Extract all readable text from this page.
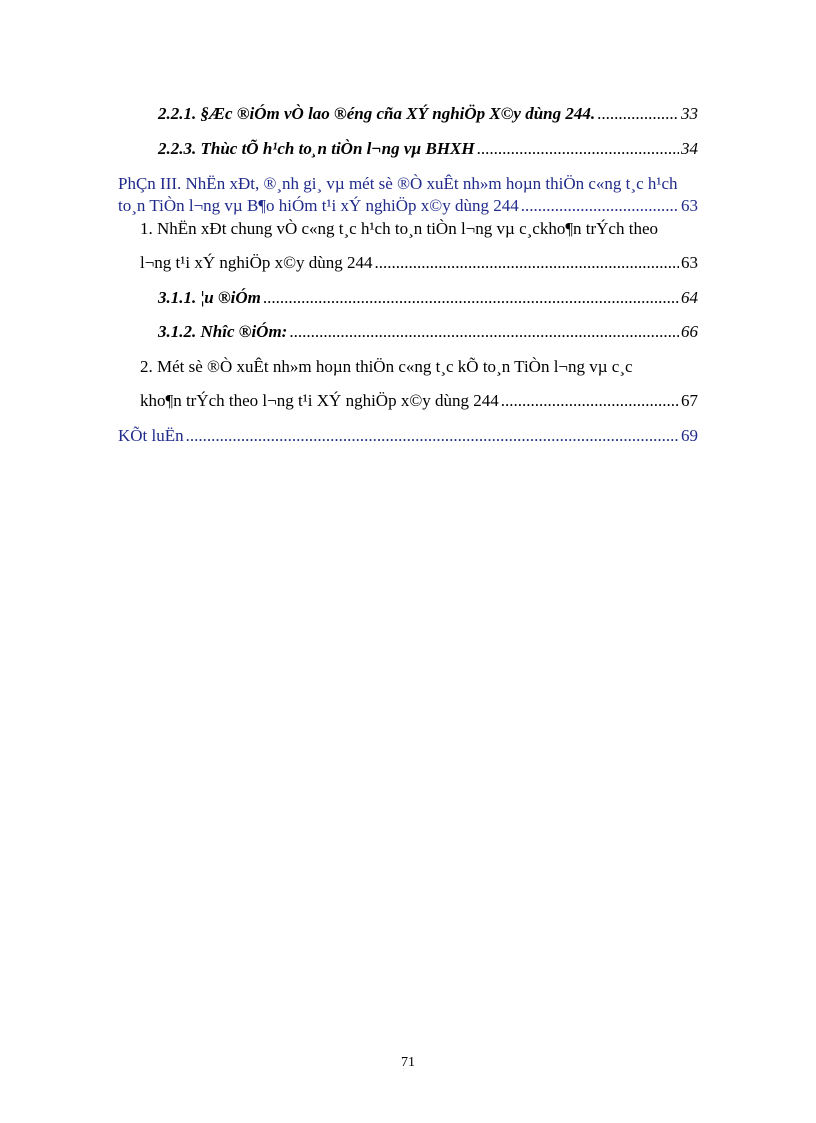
2.2.1. §Æc ®iÓm vÒ lao ®éng cña XÝ nghiÖp X©y dùng 244. .....	33
2.2.3. Thùc tÕ h¹ch to¸n tiÒn l¬ng vµ BHXH .....	34
PhÇn III. NhËn xÐt, ®¸nh gi¸ vµ mét sè ®Ò xuÊt nh»m hoµn thiÖn c«ng t¸c h¹ch
to¸n TiÒn l¬ng vµ B¶o hiÓm t¹i xÝ nghiÖp x©y dùng 244 .....	63
1. NhËn xÐt chung vÒ c«ng t¸c h¹ch to¸n tiÒn l¬ng vµ c¸ckho¶n trÝch theo
l¬ng t¹i xÝ nghiÖp x©y dùng 244 .....	63
3.1.1. ¦u ®iÓm .....	64
3.1.2. Nhîc ®iÓm: .....	66
2. Mét sè ®Ò xuÊt nh»m hoµn thiÖn c«ng t¸c kÕ to¸n TiÒn l¬ng vµ c¸c
kho¶n trÝch theo l¬ng t¹i XÝ nghiÖp x©y dùng 244 .....	67
KÕt luËn .....	69
71
